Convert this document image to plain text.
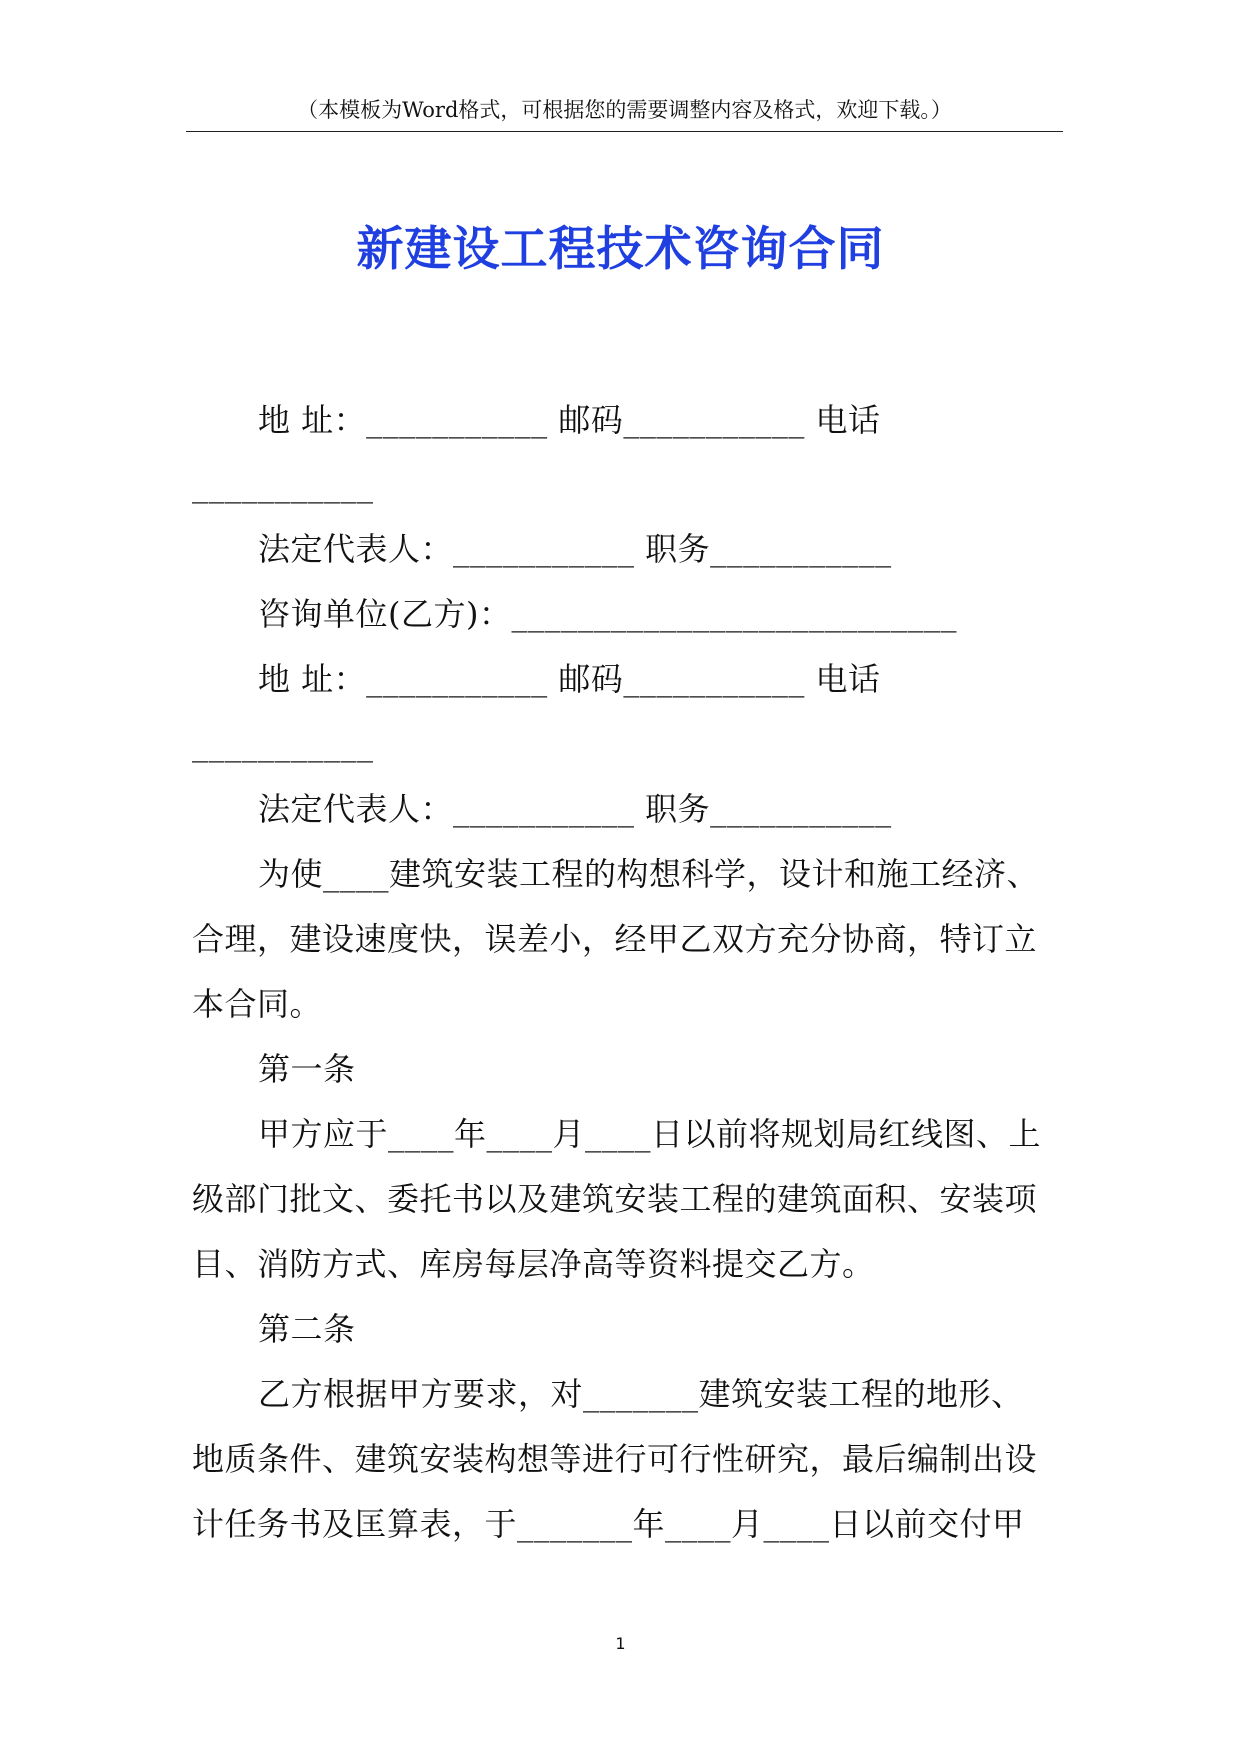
（本模板为Word格式，可根据您的需要调整内容及格式，欢迎下载。）
新建设工程技术咨询合同
地 址：___________ 邮码___________ 电话
___________
法定代表人：___________ 职务___________
咨询单位(乙方)：___________________________
地 址：___________ 邮码___________ 电话
___________
法定代表人：___________ 职务___________
为使____建筑安装工程的构想科学，设计和施工经济、
合理，建设速度快，误差小，经甲乙双方充分协商，特订立
本合同。
第一条
甲方应于____年____月____日以前将规划局红线图、上
级部门批文、委托书以及建筑安装工程的建筑面积、安装项
目、消防方式、库房每层净高等资料提交乙方。
第二条
乙方根据甲方要求，对_______建筑安装工程的地形、
地质条件、建筑安装构想等进行可行性研究，最后编制出设
计任务书及匡算表，于_______年____月____日以前交付甲
1
